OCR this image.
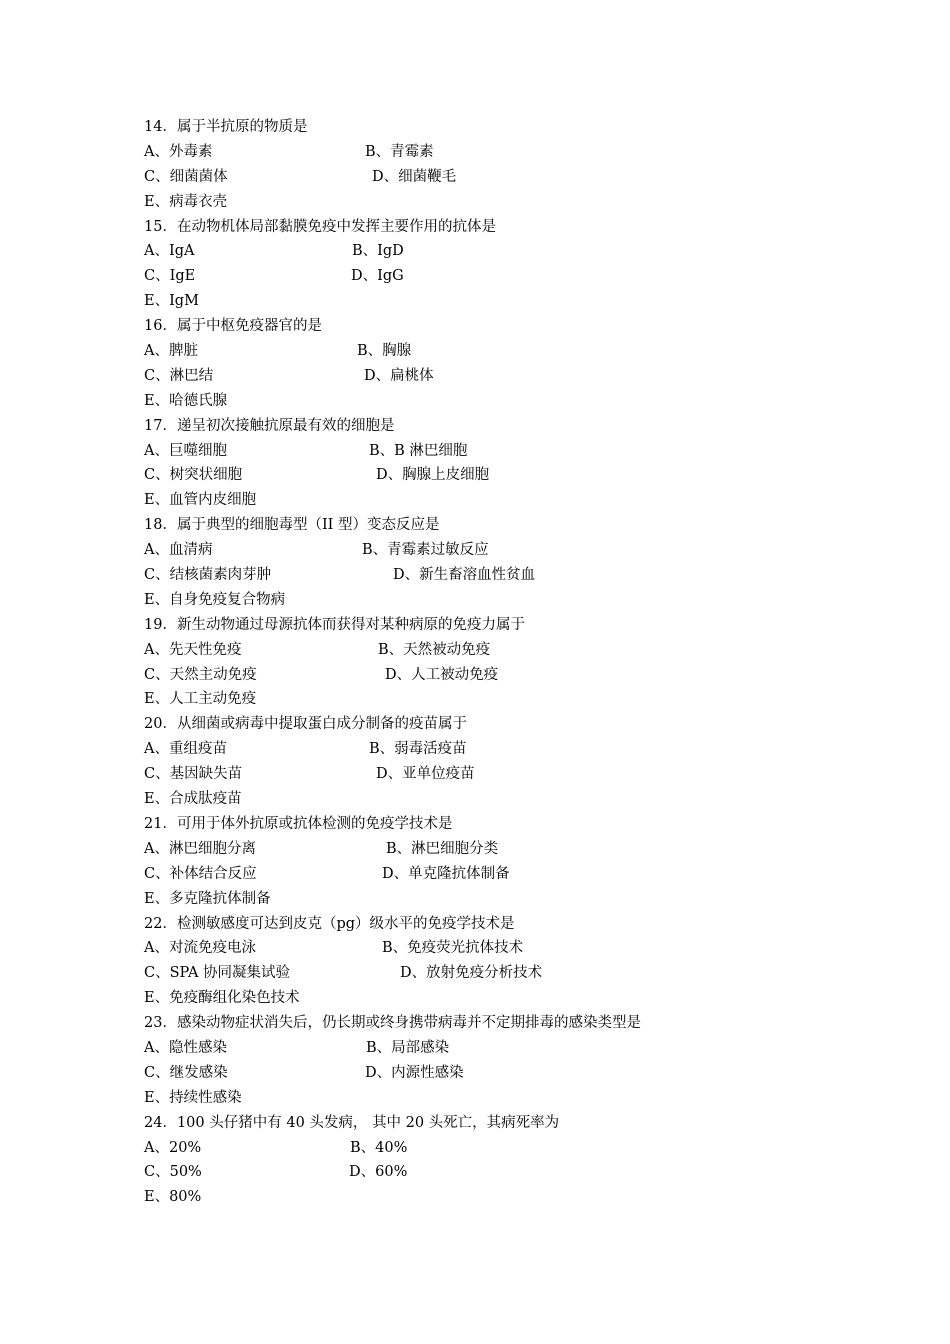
14．属于半抗原的物质是
A、外毒素	B、青霉素
C、细菌菌体	D、细菌鞭毛
E、病毒衣壳
15．在动物机体局部黏膜免疫中发挥主要作用的抗体是
A、IgA	B、IgD
C、IgE	D、IgG
E、IgM
16．属于中枢免疫器官的是
A、脾脏	B、胸腺
C、淋巴结	D、扁桃体
E、哈德氏腺
17．递呈初次接触抗原最有效的细胞是
A、巨噬细胞	B、B 淋巴细胞
C、树突状细胞	D、胸腺上皮细胞
E、血管内皮细胞
18．属于典型的细胞毒型（II 型）变态反应是
A、血清病	B、青霉素过敏反应
C、结核菌素肉芽肿	D、新生畜溶血性贫血
E、自身免疫复合物病
19．新生动物通过母源抗体而获得对某种病原的免疫力属于
A、先天性免疫	B、天然被动免疫
C、天然主动免疫	D、人工被动免疫
E、人工主动免疫
20．从细菌或病毒中提取蛋白成分制备的疫苗属于
A、重组疫苗	B、弱毒活疫苗
C、基因缺失苗	D、亚单位疫苗
E、合成肽疫苗
21．可用于体外抗原或抗体检测的免疫学技术是
A、淋巴细胞分离	B、淋巴细胞分类
C、补体结合反应	D、单克隆抗体制备
E、多克隆抗体制备
22．检测敏感度可达到皮克（pg）级水平的免疫学技术是
A、对流免疫电泳	B、免疫荧光抗体技术
C、SPA 协同凝集试验	D、放射免疫分析技术
E、免疫酶组化染色技术
23．感染动物症状消失后，仍长期或终身携带病毒并不定期排毒的感染类型是
A、隐性感染	B、局部感染
C、继发感染	D、内源性感染
E、持续性感染
24．100 头仔猪中有 40 头发病， 其中 20 头死亡，其病死率为
A、20%	B、40%
C、50%	D、60%
E、80%
